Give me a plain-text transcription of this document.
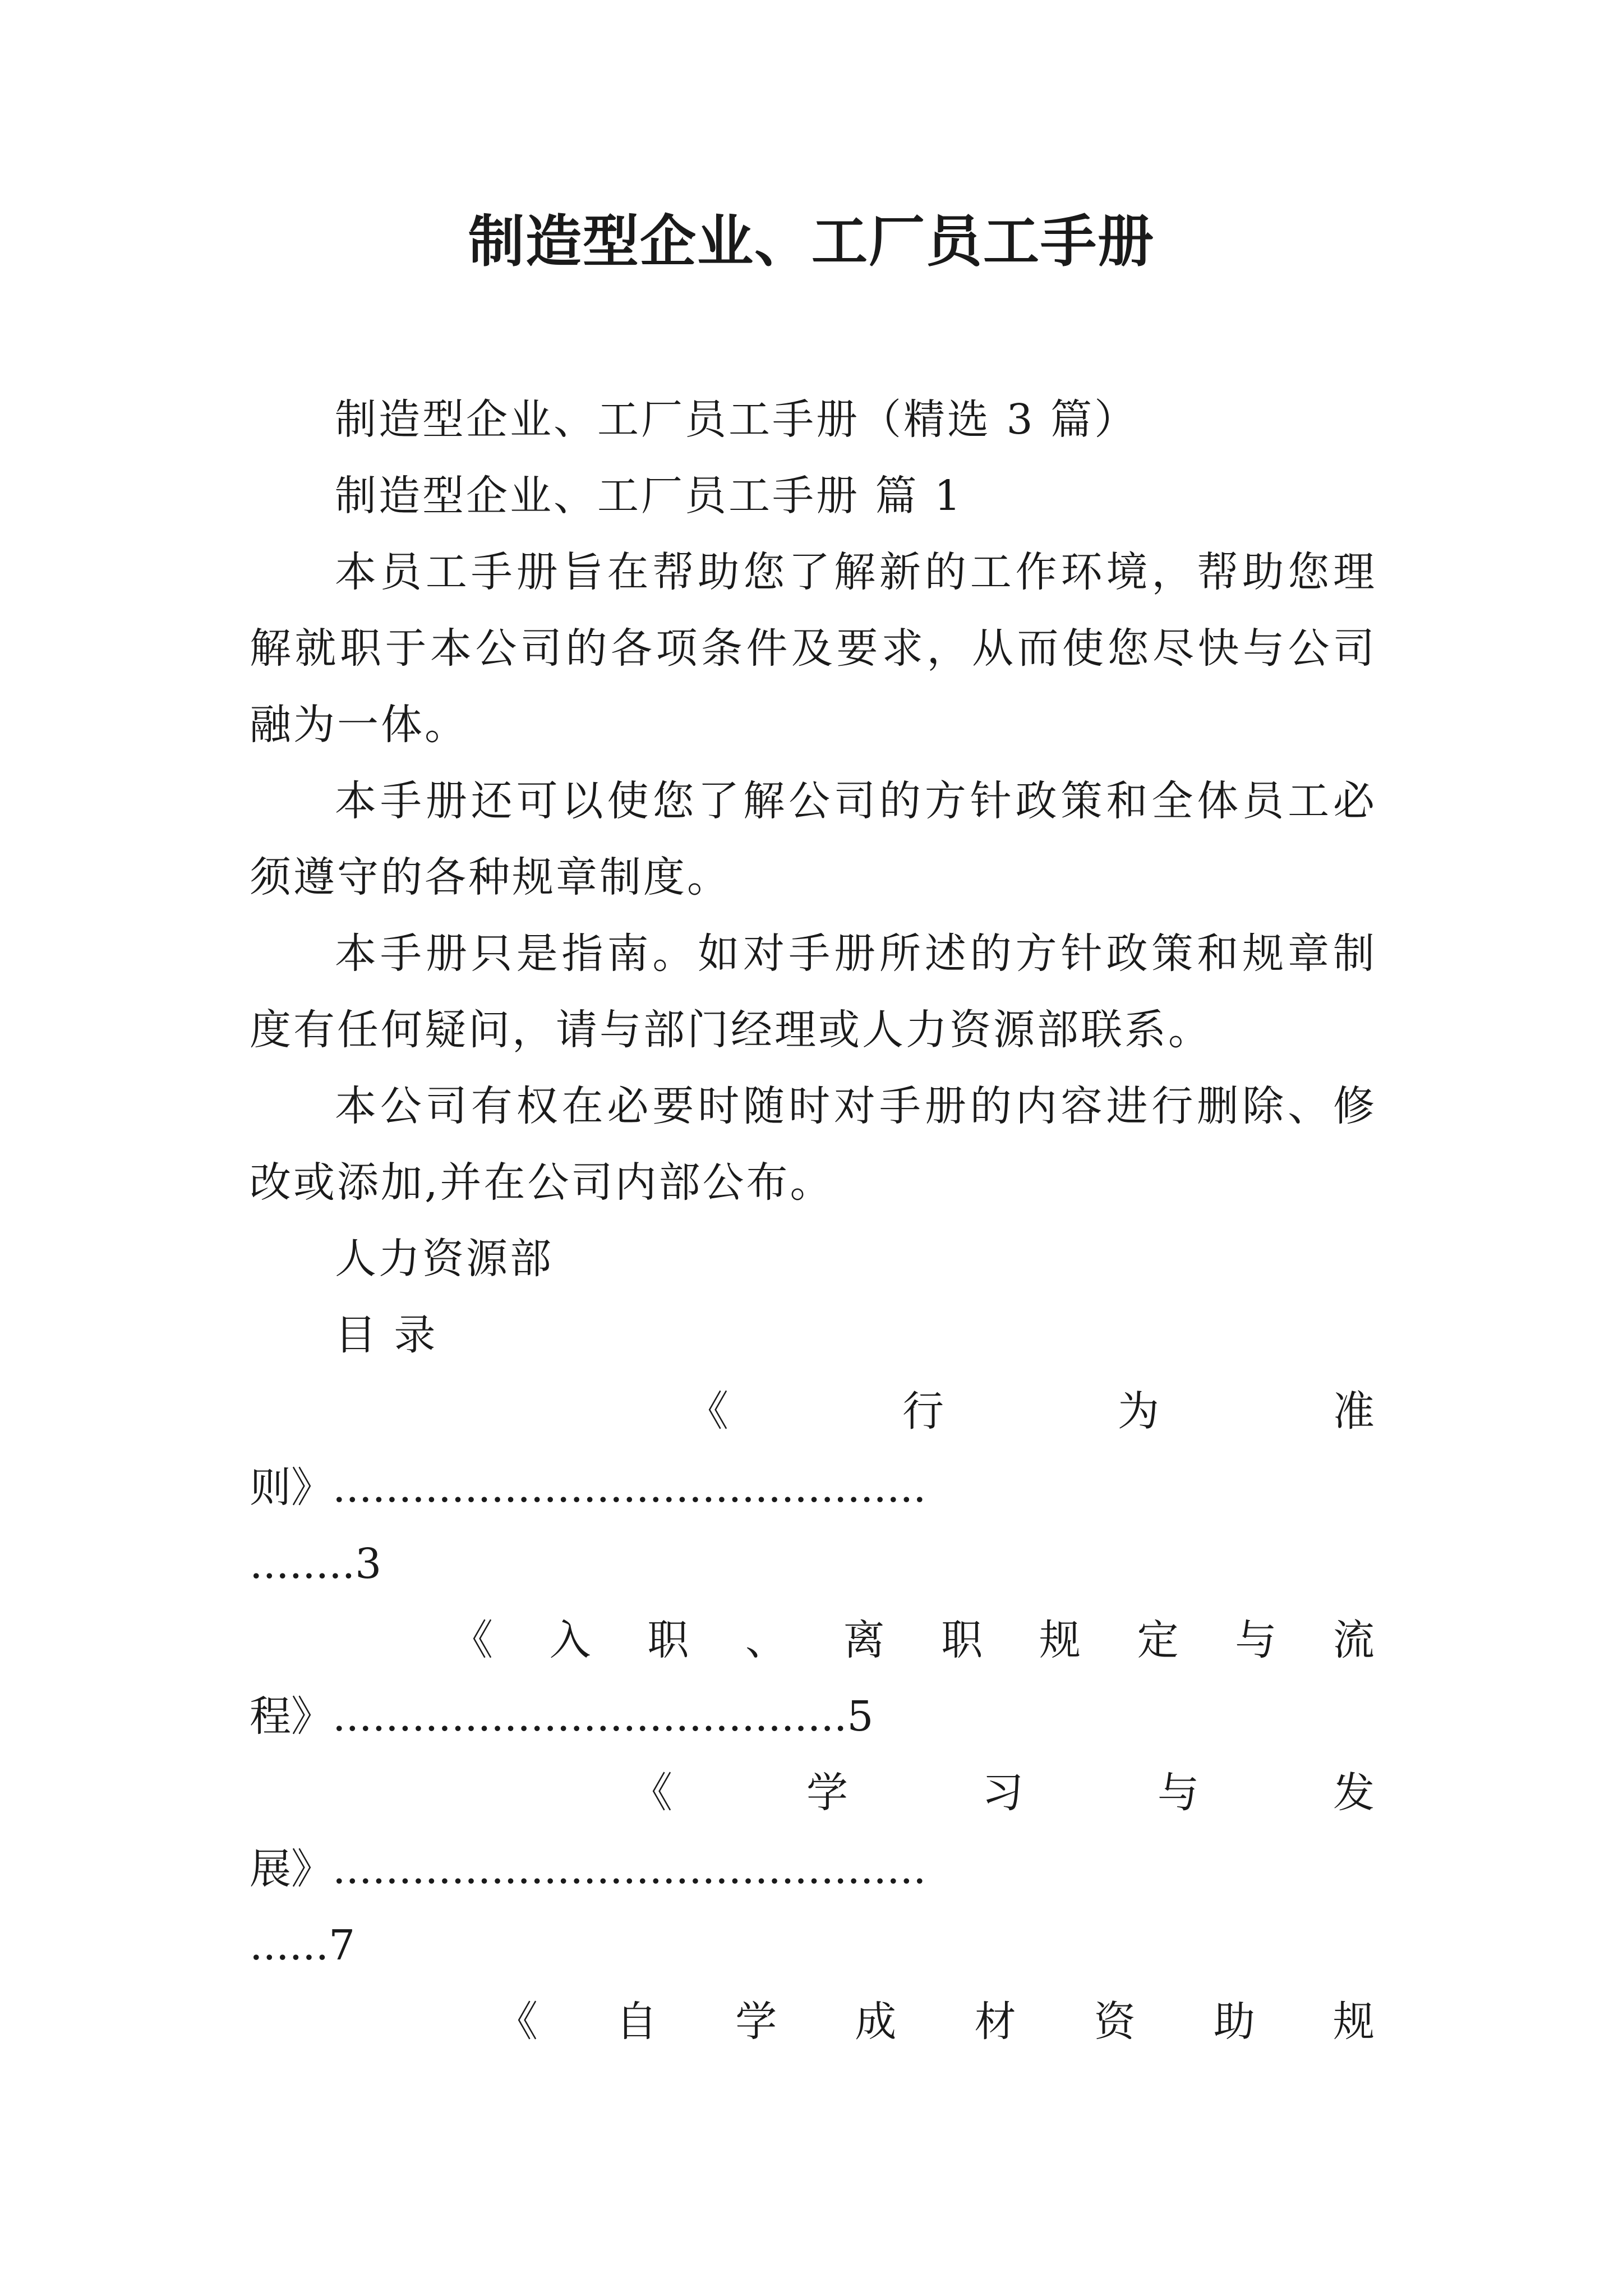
制造型企业、工厂员工手册

制造型企业、工厂员工手册（精选 3 篇）

制造型企业、工厂员工手册 篇 1

本员工手册旨在帮助您了解新的工作环境，帮助您理解就职于本公司的各项条件及要求，从而使您尽快与公司融为一体。

本手册还可以使您了解公司的方针政策和全体员工必须遵守的各种规章制度。

本手册只是指南。如对手册所述的方针政策和规章制度有任何疑问，请与部门经理或人力资源部联系。

本公司有权在必要时随时对手册的内容进行删除、修改或添加,并在公司内部公布。

人力资源部

目 录

《	行	为	准

则》.............................................

........3

《 入 职 、 离 职 规 定 与 流

程》.......................................5

《	学	习	与	发

展》.............................................

......7

《 自 学 成 材 资 助 规
